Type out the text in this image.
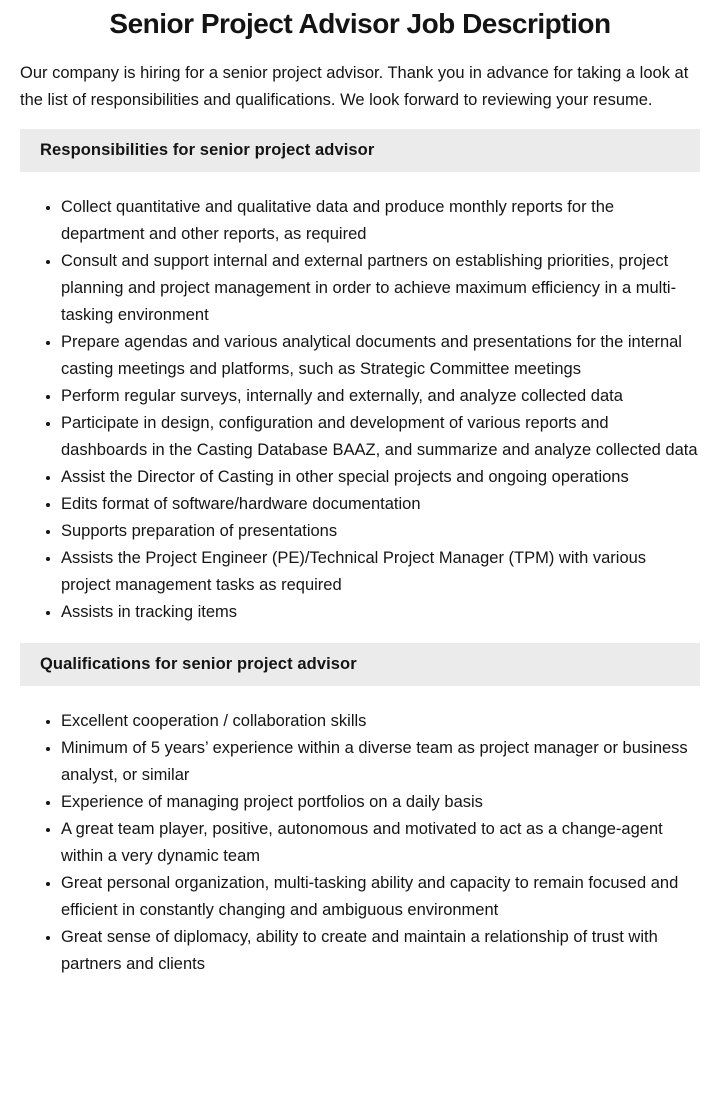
Senior Project Advisor Job Description

Our company is hiring for a senior project advisor. Thank you in advance for taking a look at the list of responsibilities and qualifications. We look forward to reviewing your resume.

Responsibilities for senior project advisor
• Collect quantitative and qualitative data and produce monthly reports for the department and other reports, as required
• Consult and support internal and external partners on establishing priorities, project planning and project management in order to achieve maximum efficiency in a multi-tasking environment
• Prepare agendas and various analytical documents and presentations for the internal casting meetings and platforms, such as Strategic Committee meetings
• Perform regular surveys, internally and externally, and analyze collected data
• Participate in design, configuration and development of various reports and dashboards in the Casting Database BAAZ, and summarize and analyze collected data
• Assist the Director of Casting in other special projects and ongoing operations
• Edits format of software/hardware documentation
• Supports preparation of presentations
• Assists the Project Engineer (PE)/Technical Project Manager (TPM) with various project management tasks as required
• Assists in tracking items
Qualifications for senior project advisor
• Excellent cooperation / collaboration skills
• Minimum of 5 years’ experience within a diverse team as project manager or business analyst, or similar
• Experience of managing project portfolios on a daily basis
• A great team player, positive, autonomous and motivated to act as a change-agent within a very dynamic team
• Great personal organization, multi-tasking ability and capacity to remain focused and efficient in constantly changing and ambiguous environment
• Great sense of diplomacy, ability to create and maintain a relationship of trust with partners and clients
